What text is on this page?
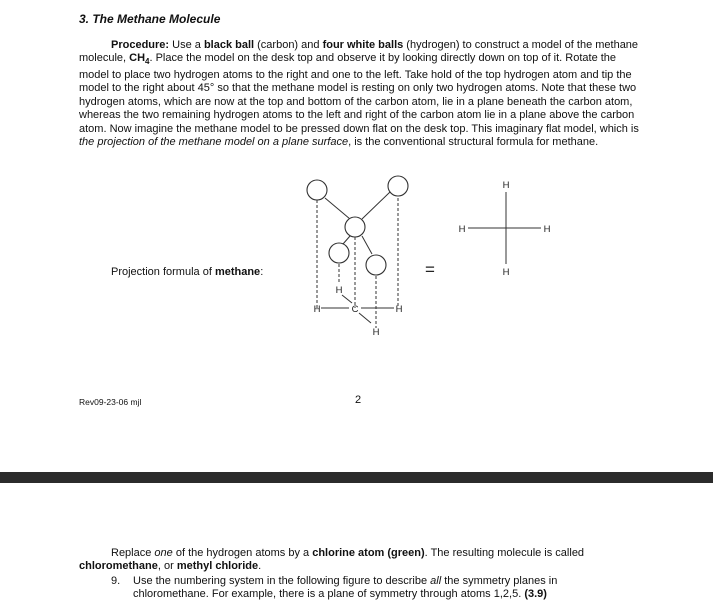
3. The Methane Molecule

Procedure: Use a black ball (carbon) and four white balls (hydrogen) to construct a model of the methane molecule, $CH_4$. Place the model on the desk top and observe it by looking directly down on top of it. Rotate the model to place two hydrogen atoms to the right and one to the left. Take hold of the top hydrogen atom and tip the model to the right about 45° so that the methane model is resting on only two hydrogen atoms. Note that these two hydrogen atoms, which are now at the top and bottom of the carbon atom, lie in a plane beneath the carbon atom, whereas the two remaining hydrogen atoms to the left and right of the carbon atom lie in a plane above the carbon atom. Now imagine the methane model to be pressed down flat on the desk top. This imaginary flat model, which is the projection of the methane model on a plane surface, is the conventional structural formula for methane.

Projection formula of methane:
H
H	C	H
H
=
H
H	H
H
Rev09-23-06 mjl	2

Replace one of the hydrogen atoms by a chlorine atom (green). The resulting molecule is called chloromethane, or methyl chloride.

9. Use the numbering system in the following figure to describe all the symmetry planes in chloromethane. For example, there is a plane of symmetry through atoms 1,2,5. (3.9)
